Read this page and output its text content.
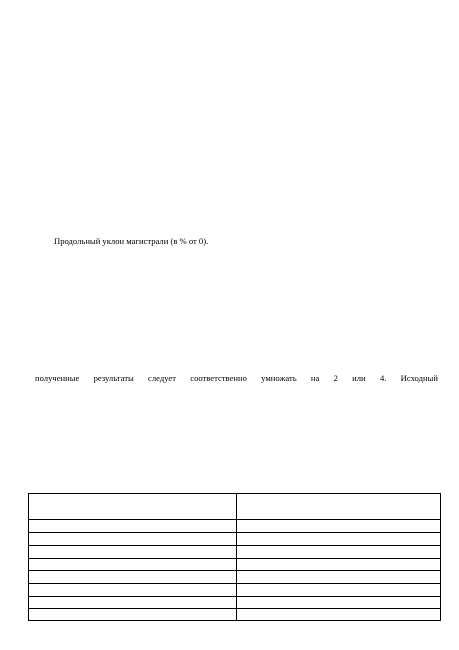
Продольный уклон магистрали (в % от 0).
полученные результаты следует соответственно умножать на 2 или 4. Исходный
